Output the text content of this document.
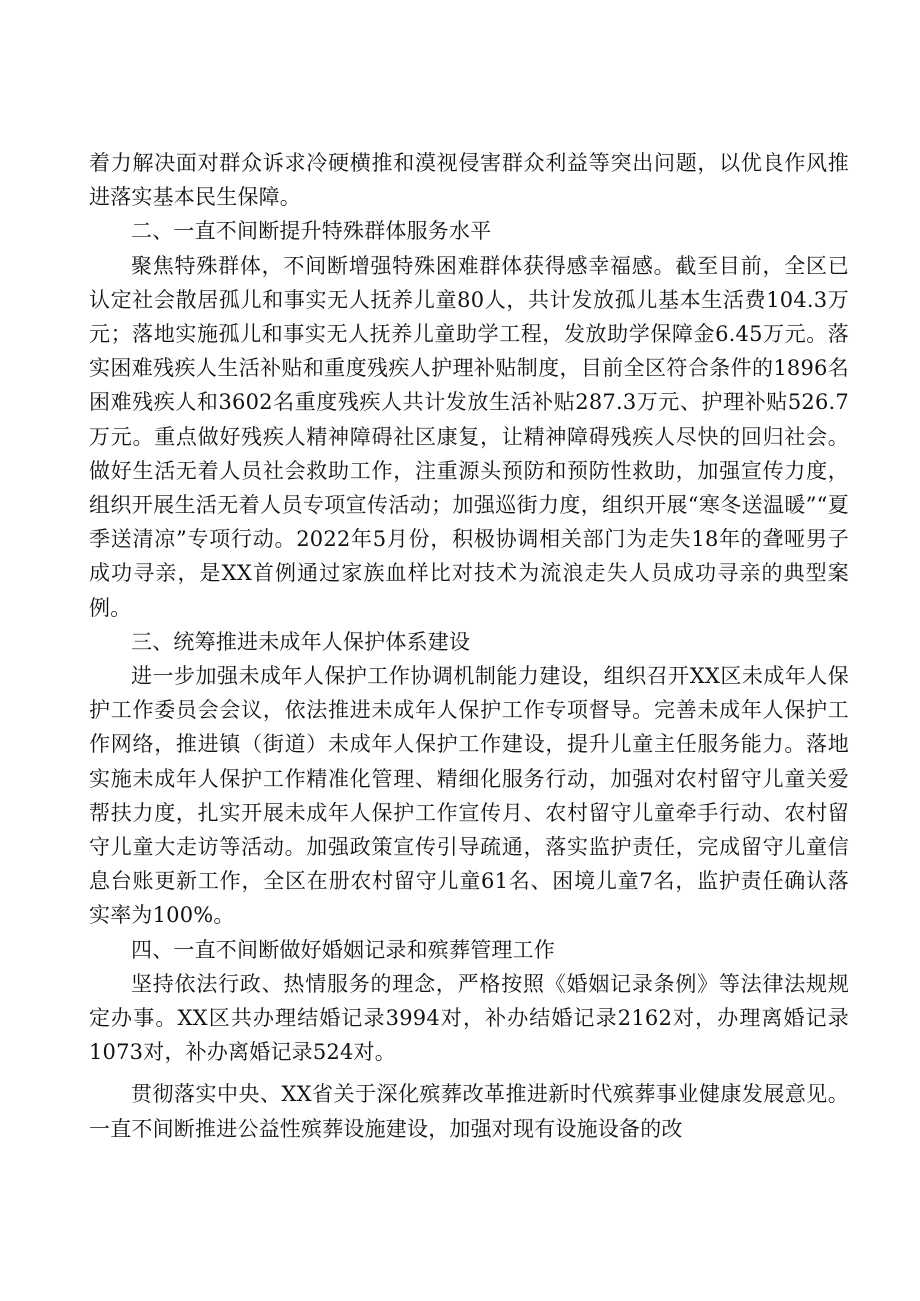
着力解决面对群众诉求冷硬横推和漠视侵害群众利益等突出问题，以优良作风推进落实基本民生保障。

二、一直不间断提升特殊群体服务水平

聚焦特殊群体，不间断增强特殊困难群体获得感幸福感。截至目前，全区已认定社会散居孤儿和事实无人抚养儿童80人，共计发放孤儿基本生活费104.3万元；落地实施孤儿和事实无人抚养儿童助学工程，发放助学保障金6.45万元。落实困难残疾人生活补贴和重度残疾人护理补贴制度，目前全区符合条件的1896名困难残疾人和3602名重度残疾人共计发放生活补贴287.3万元、护理补贴526.7万元。重点做好残疾人精神障碍社区康复，让精神障碍残疾人尽快的回归社会。做好生活无着人员社会救助工作，注重源头预防和预防性救助，加强宣传力度，组织开展生活无着人员专项宣传活动；加强巡街力度，组织开展“寒冬送温暖”“夏季送清凉”专项行动。2022年5月份，积极协调相关部门为走失18年的聋哑男子成功寻亲，是XX首例通过家族血样比对技术为流浪走失人员成功寻亲的典型案例。

三、统筹推进未成年人保护体系建设

进一步加强未成年人保护工作协调机制能力建设，组织召开XX区未成年人保护工作委员会会议，依法推进未成年人保护工作专项督导。完善未成年人保护工作网络，推进镇（街道）未成年人保护工作建设，提升儿童主任服务能力。落地实施未成年人保护工作精准化管理、精细化服务行动，加强对农村留守儿童关爱帮扶力度，扎实开展未成年人保护工作宣传月、农村留守儿童牵手行动、农村留守儿童大走访等活动。加强政策宣传引导疏通，落实监护责任，完成留守儿童信息台账更新工作，全区在册农村留守儿童61名、困境儿童7名，监护责任确认落实率为100%。

四、一直不间断做好婚姻记录和殡葬管理工作

坚持依法行政、热情服务的理念，严格按照《婚姻记录条例》等法律法规规定办事。XX区共办理结婚记录3994对，补办结婚记录2162对，办理离婚记录1073对，补办离婚记录524对。

贯彻落实中央、XX省关于深化殡葬改革推进新时代殡葬事业健康发展意见。一直不间断推进公益性殡葬设施建设，加强对现有设施设备的改
